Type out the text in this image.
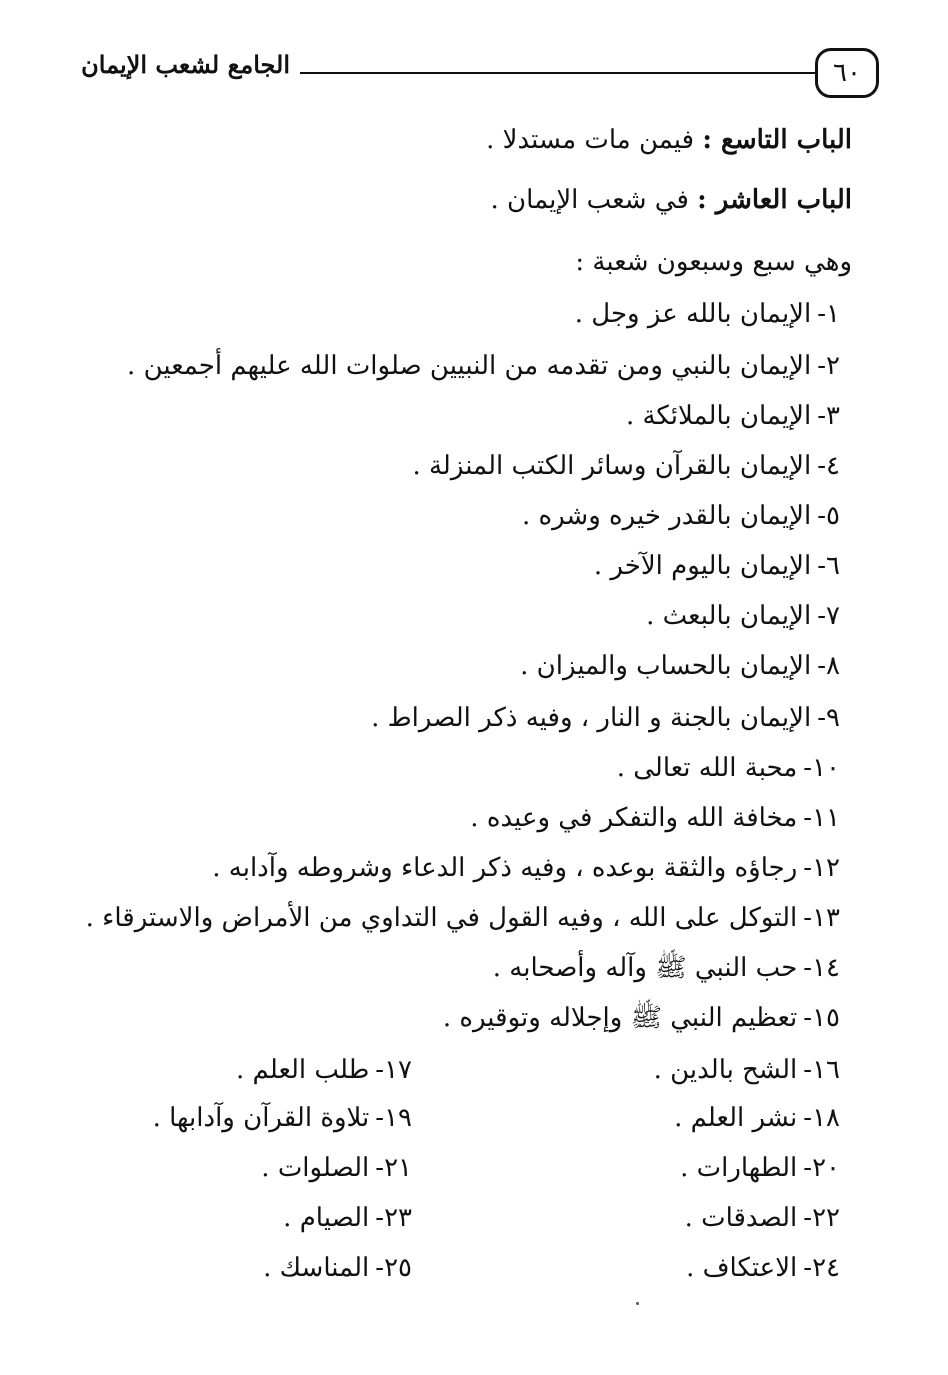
٦٠
الجامع لشعب الإيمان
الباب التاسع : فيمن مات مستدلا .
الباب العاشر : في شعب الإيمان .
وهي سبع وسبعون شعبة :
١-الإيمان بالله عز وجل .
٢-الإيمان بالنبي ومن تقدمه من النبيين صلوات الله عليهم أجمعين .
٣-الإيمان بالملائكة .
٤-الإيمان بالقرآن وسائر الكتب المنزلة .
٥-الإيمان بالقدر خيره وشره .
٦-الإيمان باليوم الآخر .
٧-الإيمان بالبعث .
٨-الإيمان بالحساب والميزان .
٩-الإيمان بالجنة و النار ، وفيه ذكر الصراط .
١٠-محبة الله تعالى .
١١-مخافة الله والتفكر في وعيده .
١٢-رجاؤه والثقة بوعده ، وفيه ذكر الدعاء وشروطه وآدابه .
١٣-التوكل على الله ، وفيه القول في التداوي من الأمراض والاسترقاء .
١٤-حب النبي ﷺ وآله وأصحابه .
١٥-تعظيم النبي ﷺ وإجلاله وتوقيره .
١٦-الشح بالدين .
١٧-طلب العلم .
١٨-نشر العلم .
١٩-تلاوة القرآن وآدابها .
٢٠-الطهارات .
٢١-الصلوات .
٢٢-الصدقات .
٢٣-الصيام .
٢٤-الاعتكاف .
٢٥-المناسك .
